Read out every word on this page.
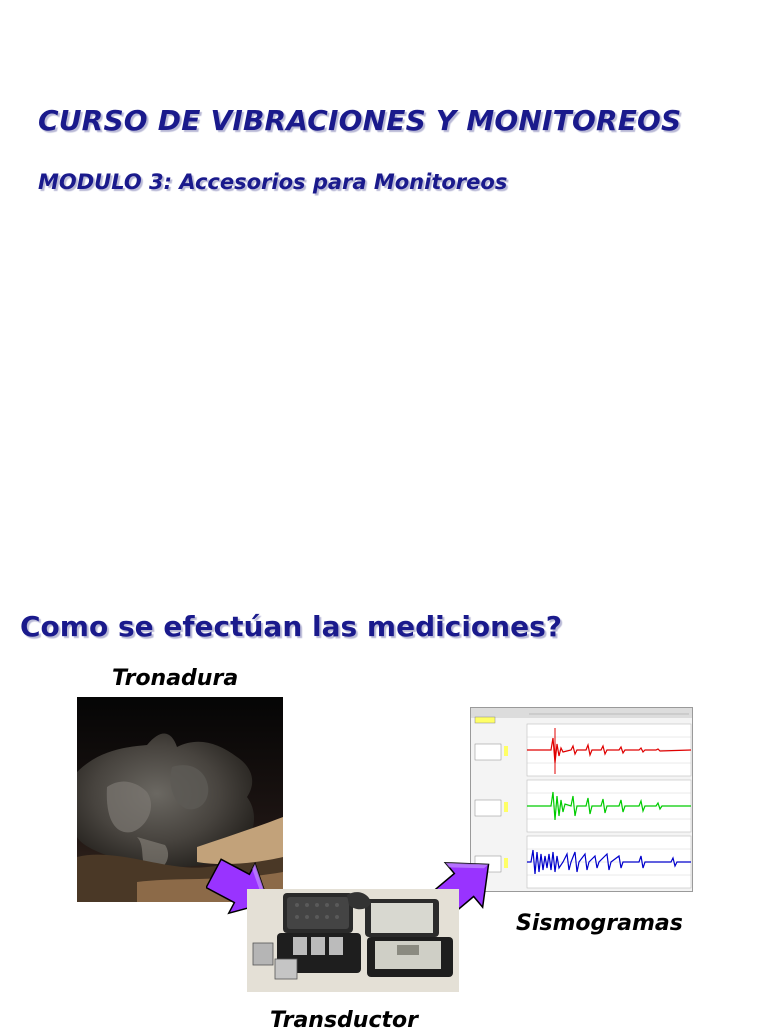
CURSO DE VIBRACIONES Y MONITOREOS
MODULO 3: Accesorios para Monitoreos
Como se efectúan las mediciones?
Tronadura
Sismogramas
Transductor
